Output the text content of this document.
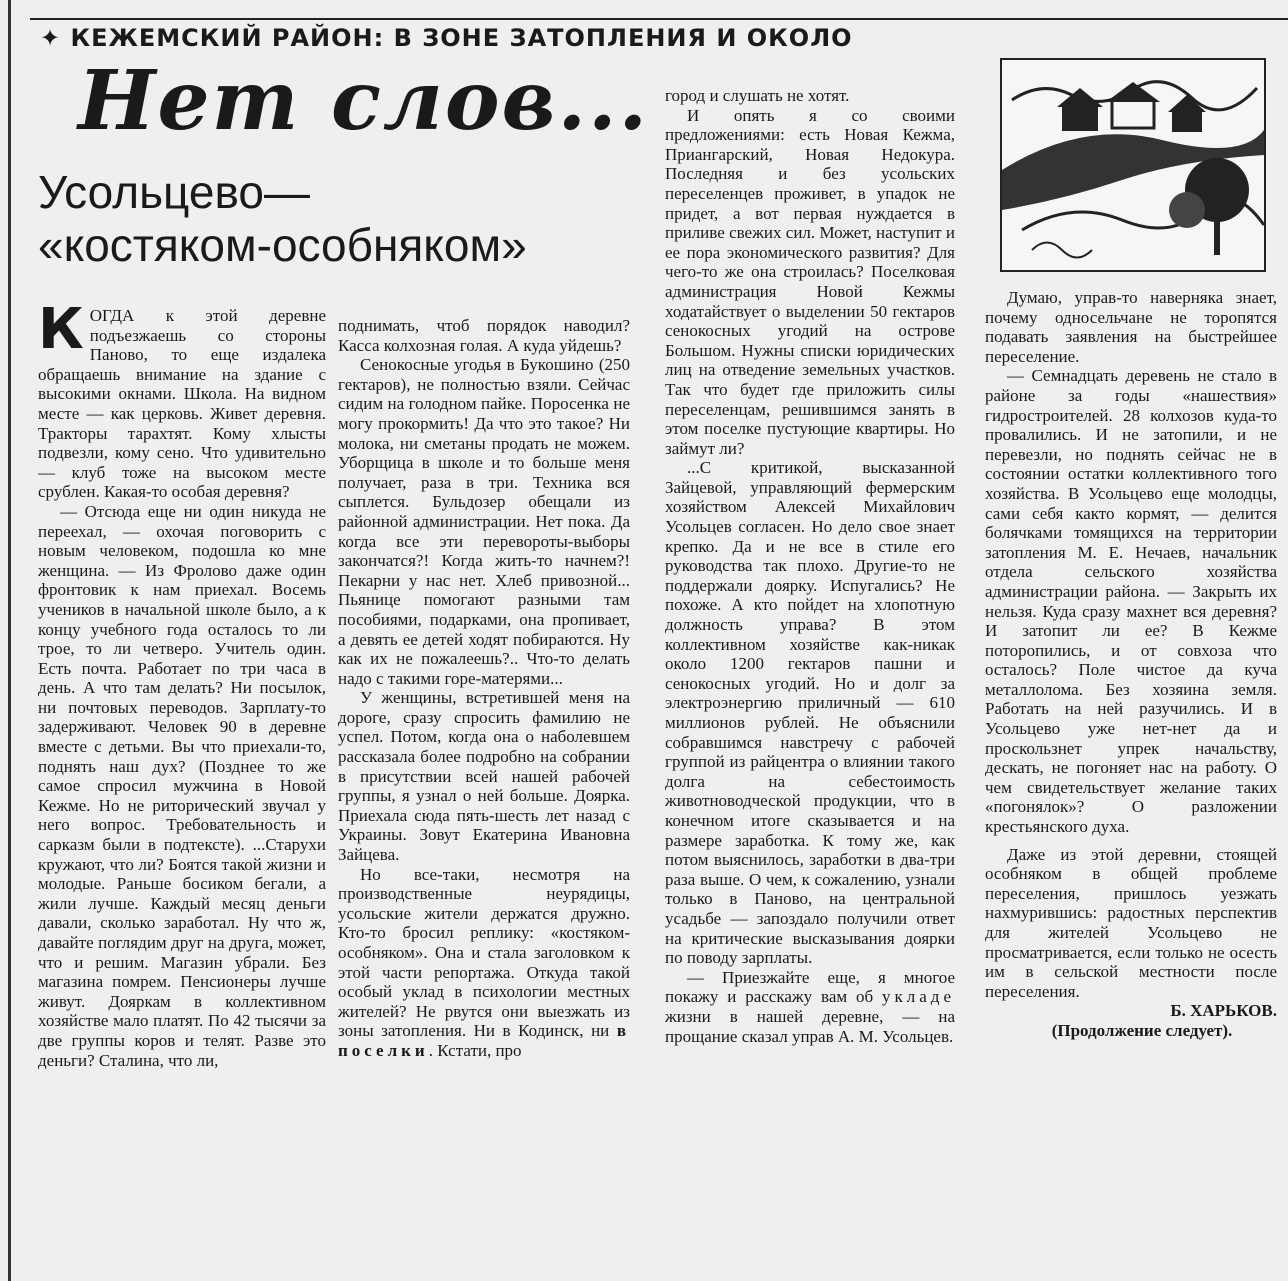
✦ КЕЖЕМСКИЙ РАЙОН: В ЗОНЕ ЗАТОПЛЕНИЯ И ОКОЛО
Нет слов...
Усольцево—
«костяком-особняком»

КОГДА к этой деревне подъезжаешь со стороны Паново, то еще издалека обращаешь внимание на здание с высокими окнами. Школа. На видном месте — как церковь. Живет деревня. Тракторы тарахтят. Кому хлысты подвезли, кому сено. Что удивительно — клуб тоже на высоком месте срублен. Какая-то особая деревня?

— Отсюда еще ни один никуда не переехал, — охочая поговорить с новым человеком, подошла ко мне женщина. — Из Фролово даже один фронтовик к нам приехал. Восемь учеников в начальной школе было, а к концу учебного года осталось то ли трое, то ли четверо. Учитель один. Есть почта. Работает по три часа в день. А что там делать? Ни посылок, ни почтовых переводов. Зарплату-то задерживают. Человек 90 в деревне вместе с детьми. Вы что приехали-то, поднять наш дух? (Позднее то же самое спросил мужчина в Новой Кежме. Но не риторический звучал у него вопрос. Требовательность и сарказм были в подтексте). ...Старухи кружают, что ли? Боятся такой жизни и молодые. Раньше босиком бегали, а жили лучше. Каждый месяц деньги давали, сколько заработал. Ну что ж, давайте поглядим друг на друга, может, что и решим. Магазин убрали. Без магазина помрем. Пенсионеры лучше живут. Дояркам в коллективном хозяйстве мало платят. По 42 тысячи за две группы коров и телят. Разве это деньги? Сталина, что ли,

поднимать, чтоб порядок наводил? Касса колхозная голая. А куда уйдешь?

Сенокосные угодья в Букошино (250 гектаров), не полностью взяли. Сейчас сидим на голодном пайке. Поросенка не могу прокормить! Да что это такое? Ни молока, ни сметаны продать не можем. Уборщица в школе и то больше меня получает, раза в три. Техника вся сыплется. Бульдозер обещали из районной администрации. Нет пока. Да когда все эти перевороты-выборы закончатся?! Когда жить-то начнем?! Пекарни у нас нет. Хлеб привозной... Пьянице помогают разными там пособиями, подарками, она пропивает, а девять ее детей ходят побираются. Ну как их не пожалеешь?.. Что-то делать надо с такими горе-матерями...

У женщины, встретившей меня на дороге, сразу спросить фамилию не успел. Потом, когда она о наболевшем рассказала более подробно на собрании в присутствии всей нашей рабочей группы, я узнал о ней больше. Доярка. Приехала сюда пять-шесть лет назад с Украины. Зовут Екатерина Ивановна Зайцева.

Но все-таки, несмотря на производственные неурядицы, усольские жители держатся дружно. Кто-то бросил реплику: «костяком-особняком». Она и стала заголовком к этой части репортажа. Откуда такой особый уклад в психологии местных жителей? Не рвутся они выезжать из зоны затопления. Ни в Кодинск, ни в поселки. Кстати, про

город и слушать не хотят.

И опять я со своими предложениями: есть Новая Кежма, Приангарский, Новая Недокура. Последняя и без усольских переселенцев проживет, в упадок не придет, а вот первая нуждается в приливе свежих сил. Может, наступит и ее пора экономического развития? Для чего-то же она строилась? Поселковая администрация Новой Кежмы ходатайствует о выделении 50 гектаров сенокосных угодий на острове Большом. Нужны списки юридических лиц на отведение земельных участков. Так что будет где приложить силы переселенцам, решившимся занять в этом поселке пустующие квартиры. Но займут ли?

...С критикой, высказанной Зайцевой, управляющий фермерским хозяйством Алексей Михайлович Усольцев согласен. Но дело свое знает крепко. Да и не все в стиле его руководства так плохо. Другие-то не поддержали доярку. Испугались? Не похоже. А кто пойдет на хлопотную должность управа? В этом коллективном хозяйстве как-никак около 1200 гектаров пашни и сенокосных угодий. Но и долг за электроэнергию приличный — 610 миллионов рублей. Не объяснили собравшимся навстречу с рабочей группой из райцентра о влиянии такого долга на себестоимость животноводческой продукции, что в конечном итоге сказывается и на размере заработка. К тому же, как потом выяснилось, заработки в два-три раза выше. О чем, к сожалению, узнали только в Паново, на центральной усадьбе — запоздало получили ответ на критические высказывания доярки по поводу зарплаты.

— Приезжайте еще, я многое покажу и расскажу вам об укладе жизни в нашей деревне, — на прощание сказал управ А. М. Усольцев.

Думаю, управ-то наверняка знает, почему односельчане не торопятся подавать заявления на быстрейшее переселение.

— Семнадцать деревень не стало в районе за годы «нашествия» гидростроителей. 28 колхозов куда-то провалились. И не затопили, и не перевезли, но поднять сейчас не в состоянии остатки коллективного того хозяйства. В Усольцево еще молодцы, сами себя както кормят, — делится болячками томящихся на территории затопления М. Е. Нечаев, начальник отдела сельского хозяйства администрации района. — Закрыть их нельзя. Куда сразу махнет вся деревня? И затопит ли ее? В Кежме поторопились, и от совхоза что осталось? Поле чистое да куча металлолома. Без хозяина земля. Работать на ней разучились. И в Усольцево уже нет-нет да и проскользнет упрек начальству, дескать, не погоняет нас на работу. О чем свидетельствует желание таких «погонялок»? О разложении крестьянского духа.

Даже из этой деревни, стоящей особняком в общей проблеме переселения, пришлось уезжать нахмурившись: радостных перспектив для жителей Усольцево не просматривается, если только не осесть им в сельской местности после переселения.

Б. ХАРЬКОВ.

(Продолжение следует).
